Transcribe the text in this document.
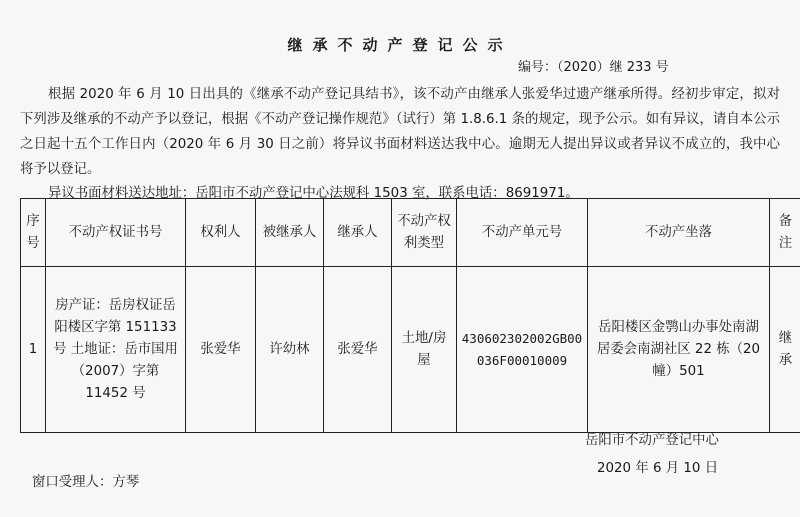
继承不动产登记公示
编号：（2020）继 233 号
根据 2020 年 6 月 10 日出具的《继承不动产登记具结书》，该不动产由继承人张爱华过遗产继承所得。经初步审定，拟对下列涉及继承的不动产予以登记，根据《不动产登记操作规范》（试行）第 1.8.6.1 条的规定，现予公示。如有异议，请自本公示之日起十五个工作日内（2020 年 6 月 30 日之前）将异议书面材料送达我中心。逾期无人提出异议或者异议不成立的，我中心将予以登记。
异议书面材料送达地址：岳阳市不动产登记中心法规科 1503 室，联系电话：8691971。
序号	不动产权证书号	权利人	被继承人	继承人	不动产权利类型	不动产单元号	不动产坐落	备注
1	房产证：岳房权证岳阳楼区字第 151133 号 土地证：岳市国用（2007）字第 11452 号	张爱华	许幼林	张爱华	土地/房屋	430602302002GB00036F00010009	岳阳楼区金鹗山办事处南湖居委会南湖社区 22 栋（20 幢）501	继承
岳阳市不动产登记中心
2020 年 6 月 10 日
窗口受理人：方琴
